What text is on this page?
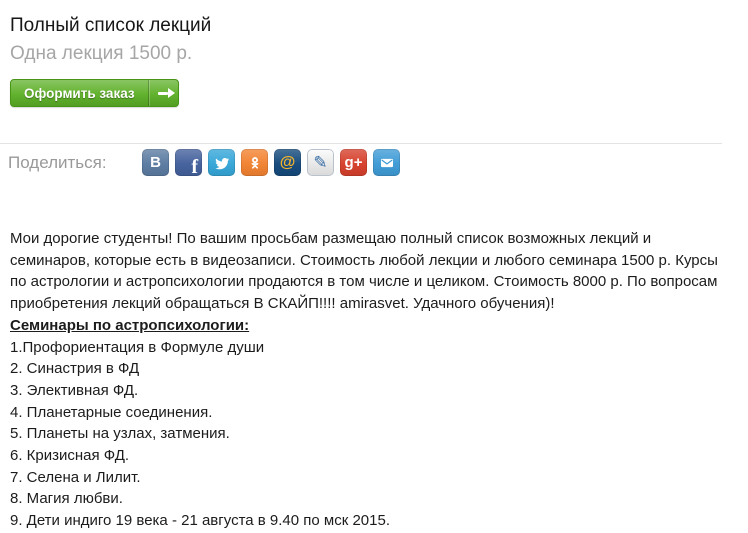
Полный список лекций
Одна лекция 1500 р.
Оформить заказ
Поделиться:	В f	@ ✎ g+
Мои дорогие студенты! По вашим просьбам размещаю полный список возможных лекций и семинаров, которые есть в видеозаписи. Стоимость любой лекции и любого семинара 1500 р. Курсы по астрологии и астропсихологии продаются в том числе и целиком. Стоимость 8000 р. По вопросам приобретения лекций обращаться В СКАЙП!!!! amirasvet. Удачного обучения)!
Семинары по астропсихологии:
1.Профориентация в Формуле души
2. Синастрия в ФД
3. Элективная ФД.
4. Планетарные соединения.
5. Планеты на узлах, затмения.
6. Кризисная ФД.
7. Селена и Лилит.
8. Магия любви.
9. Дети индиго 19 века - 21 августа в 9.40 по мск 2015.
